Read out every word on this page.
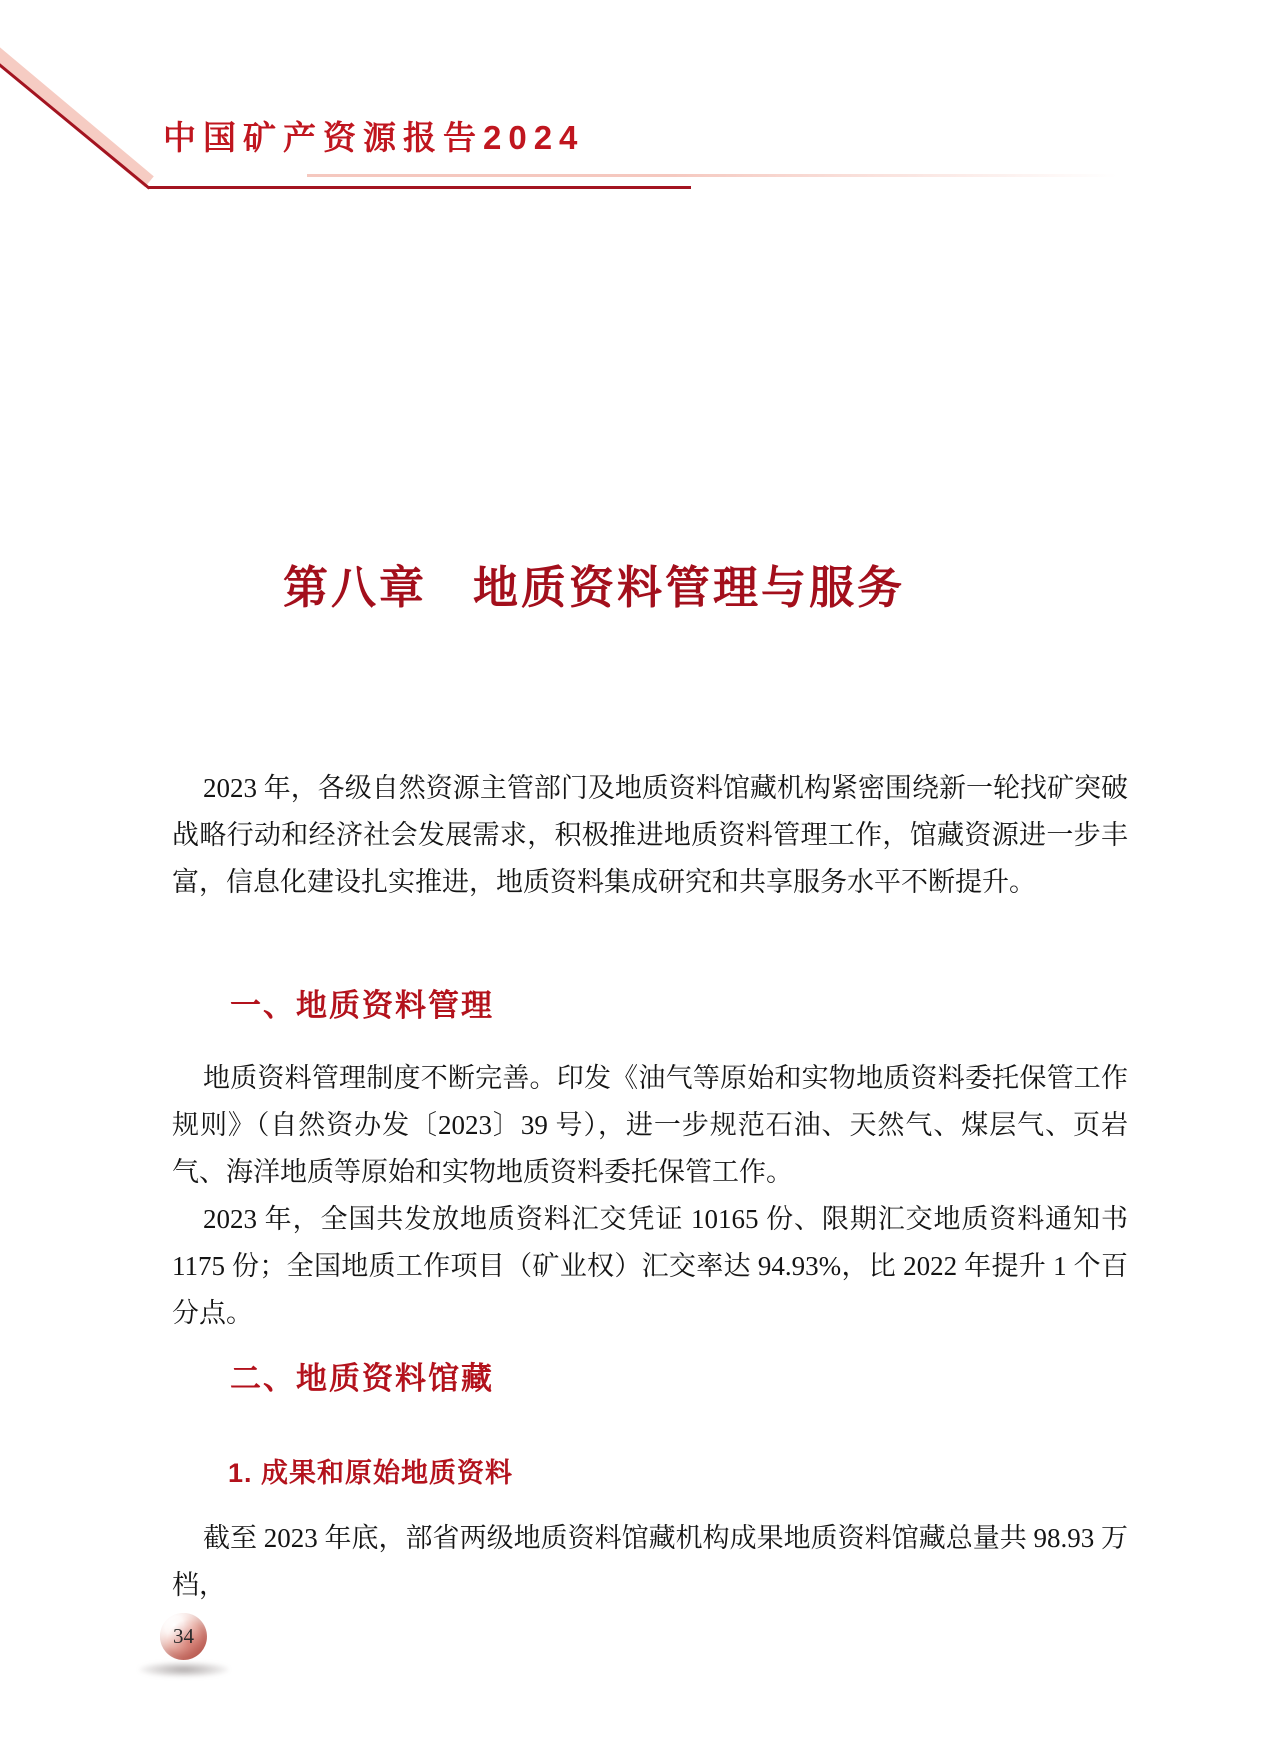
中国矿产资源报告2024
第八章 地质资料管理与服务

2023 年，各级自然资源主管部门及地质资料馆藏机构紧密围绕新一轮找矿突破战略行动和经济社会发展需求，积极推进地质资料管理工作，馆藏资源进一步丰富，信息化建设扎实推进，地质资料集成研究和共享服务水平不断提升。

一、地质资料管理

地质资料管理制度不断完善。印发《油气等原始和实物地质资料委托保管工作规则》（自然资办发〔2023〕39 号），进一步规范石油、天然气、煤层气、页岩气、海洋地质等原始和实物地质资料委托保管工作。

2023 年，全国共发放地质资料汇交凭证 10165 份、限期汇交地质资料通知书 1175 份；全国地质工作项目（矿业权）汇交率达 94.93%，比 2022 年提升 1 个百分点。

二、地质资料馆藏
1. 成果和原始地质资料

截至 2023 年底，部省两级地质资料馆藏机构成果地质资料馆藏总量共 98.93 万档，

34
